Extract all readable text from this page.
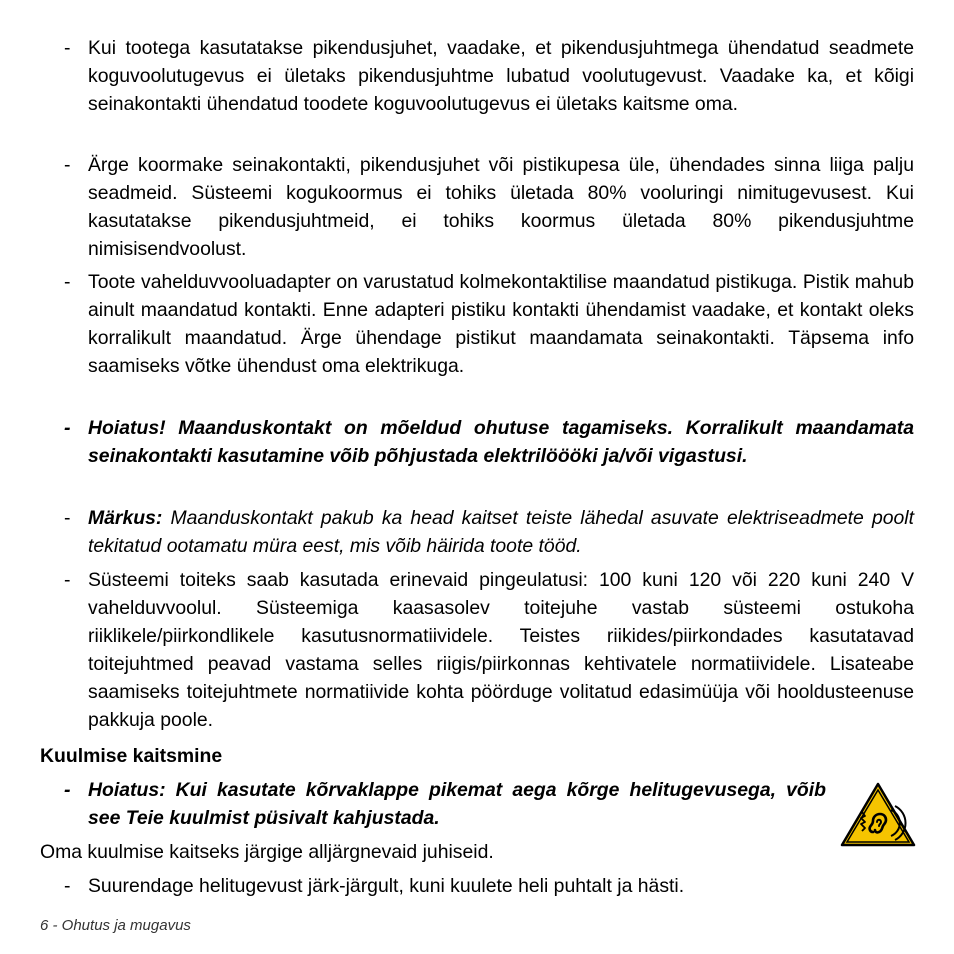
- Kui tootega kasutatakse pikendusjuhet, vaadake, et pikendusjuhtmega ühendatud seadmete koguvoolutugevus ei ületaks pikendusjuhtme lubatud voolutugevust. Vaadake ka, et kõigi seinakontakti ühendatud toodete koguvoolutugevus ei ületaks kaitsme oma.
- Ärge koormake seinakontakti, pikendusjuhet või pistikupesa üle, ühendades sinna liiga palju seadmeid. Süsteemi kogukoormus ei tohiks ületada 80% vooluringi nimitugevusest. Kui kasutatakse pikendusjuhtmeid, ei tohiks koormus ületada 80% pikendusjuhtme nimisisendvoolust.
- Toote vahelduvvooluadapter on varustatud kolmekontaktilise maandatud pistikuga. Pistik mahub ainult maandatud kontakti. Enne adapteri pistiku kontakti ühendamist vaadake, et kontakt oleks korralikult maandatud. Ärge ühendage pistikut maandamata seinakontakti. Täpsema info saamiseks võtke ühendust oma elektrikuga.
- Hoiatus! Maanduskontakt on mõeldud ohutuse tagamiseks. Korralikult maandamata seinakontakti kasutamine võib põhjustada elektrilöööki ja/või vigastusi.
- Märkus: Maanduskontakt pakub ka head kaitset teiste lähedal asuvate elektriseadmete poolt tekitatud ootamatu müra eest, mis võib häirida toote tööd.
- Süsteemi toiteks saab kasutada erinevaid pingeulatusi: 100 kuni 120 või 220 kuni 240 V vahelduvvoolul. Süsteemiga kaasasolev toitejuhe vastab süsteemi ostukoha riiklikele/piirkondlikele kasutusnormatiividele. Teistes riikides/piirkondades kasutatavad toitejuhtmed peavad vastama selles riigis/piirkonnas kehtivatele normatiividele. Lisateabe saamiseks toitejuhtmete normatiivide kohta pöörduge volitatud edasimüüja või hooldusteenuse pakkuja poole.
Kuulmise kaitsmine
- Hoiatus: Kui kasutate kõrvaklappe pikemat aega kõrge helitugevusega, võib see Teie kuulmist püsivalt kahjustada.
Oma kuulmise kaitseks järgige alljärgnevaid juhiseid.
- Suurendage helitugevust järk-järgult, kuni kuulete heli puhtalt ja hästi.
6 - Ohutus ja mugavus
